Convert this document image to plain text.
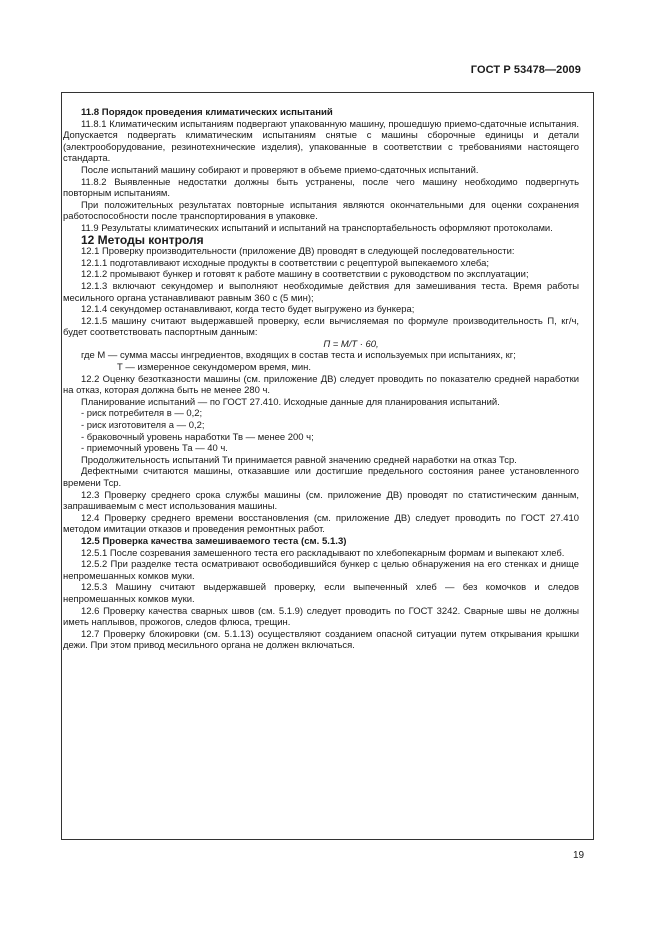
ГОСТ Р 53478—2009

11.8 Порядок проведения климатических испытаний

11.8.1 Климатическим испытаниям подвергают упакованную машину, прошедшую приемо-сдаточные испытания. Допускается подвергать климатическим испытаниям снятые с машины сборочные единицы и детали (электрооборудование, резинотехнические изделия), упакованные в соответствии с требованиями настоящего стандарта.

После испытаний машину собирают и проверяют в объеме приемо-сдаточных испытаний.

11.8.2 Выявленные недостатки должны быть устранены, после чего машину необходимо подвергнуть повторным испытаниям.

При положительных результатах повторные испытания являются окончательными для оценки сохранения работоспособности после транспортирования в упаковке.

11.9 Результаты климатических испытаний и испытаний на транспортабельность оформляют протоколами.

12 Методы контроля

12.1 Проверку производительности (приложение ДВ) проводят в следующей последовательности:

12.1.1 подготавливают исходные продукты в соответствии с рецептурой выпекаемого хлеба;

12.1.2 промывают бункер и готовят к работе машину в соответствии с руководством по эксплуатации;

12.1.3 включают секундомер и выполняют необходимые действия для замешивания теста. Время работы месильного органа устанавливают равным 360 с (5 мин);

12.1.4 секундомер останавливают, когда тесто будет выгружено из бункера;

12.1.5 машину считают выдержавшей проверку, если вычисляемая по формуле производительность П, кг/ч, будет соответствовать паспортным данным:

П = М/Т · 60,

где М — сумма массы ингредиентов, входящих в состав теста и используемых при испытаниях, кг;

Т — измеренное секундомером время, мин.

12.2 Оценку безотказности машины (см. приложение ДВ) следует проводить по показателю средней наработки на отказ, которая должна быть не менее 280 ч.

Планирование испытаний — по ГОСТ 27.410. Исходные данные для планирования испытаний.

- риск потребителя в — 0,2;

- риск изготовителя а — 0,2;

- браковочный уровень наработки Тв — менее 200 ч;

- приемочный уровень Та — 40 ч.

Продолжительность испытаний Ти принимается равной значению средней наработки на отказ Тср.

Дефектными считаются машины, отказавшие или достигшие предельного состояния ранее установленного времени Тср.

12.3 Проверку среднего срока службы машины (см. приложение ДВ) проводят по статистическим данным, запрашиваемым с мест использования машины.

12.4 Проверку среднего времени восстановления (см. приложение ДВ) следует проводить по ГОСТ 27.410 методом имитации отказов и проведения ремонтных работ.

12.5 Проверка качества замешиваемого теста (см. 5.1.3)

12.5.1 После созревания замешенного теста его раскладывают по хлебопекарным формам и выпекают хлеб.

12.5.2 При разделке теста осматривают освободившийся бункер с целью обнаружения на его стенках и днище непромешанных комков муки.

12.5.3 Машину считают выдержавшей проверку, если выпеченный хлеб — без комочков и следов непромешанных комков муки.

12.6 Проверку качества сварных швов (см. 5.1.9) следует проводить по ГОСТ 3242. Сварные швы не должны иметь наплывов, прожогов, следов флюса, трещин.

12.7 Проверку блокировки (см. 5.1.13) осуществляют созданием опасной ситуации путем открывания крышки дежи. При этом привод месильного органа не должен включаться.

19
